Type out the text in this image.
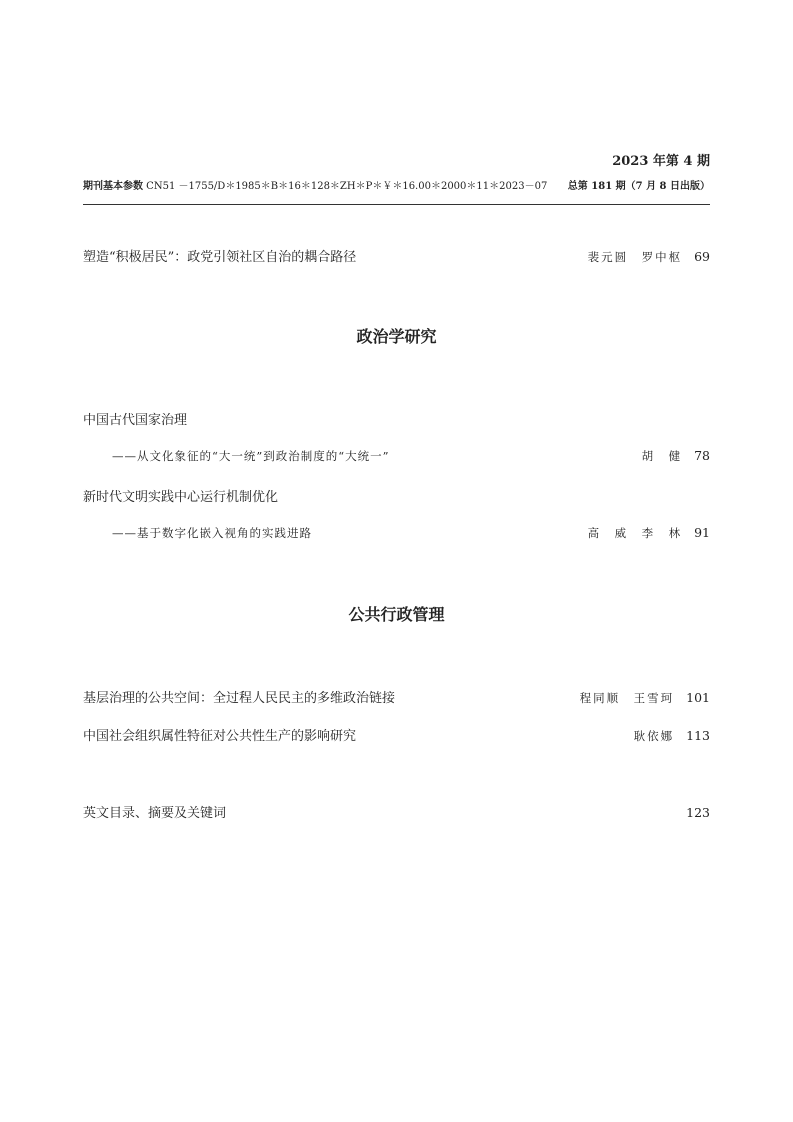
2023 年第 4 期
期刊基本参数 CN51 －1755/D＊1985＊B＊16＊128＊ZH＊P＊￥＊16.00＊2000＊11＊2023－07 总第 181 期（7 月 8 日出版）
塑造“积极居民”：政党引领社区自治的耦合路径	裴元圆　罗中枢 69
政治学研究
中国古代国家治理
——从文化象征的“大一统”到政治制度的“大统一”	胡　健 78
新时代文明实践中心运行机制优化
——基于数字化嵌入视角的实践进路	高　威　李　林 91
公共行政管理
基层治理的公共空间：全过程人民民主的多维政治链接	程同顺　王雪珂 101
中国社会组织属性特征对公共性生产的影响研究	耿依娜 113
英文目录、摘要及关键词	123
